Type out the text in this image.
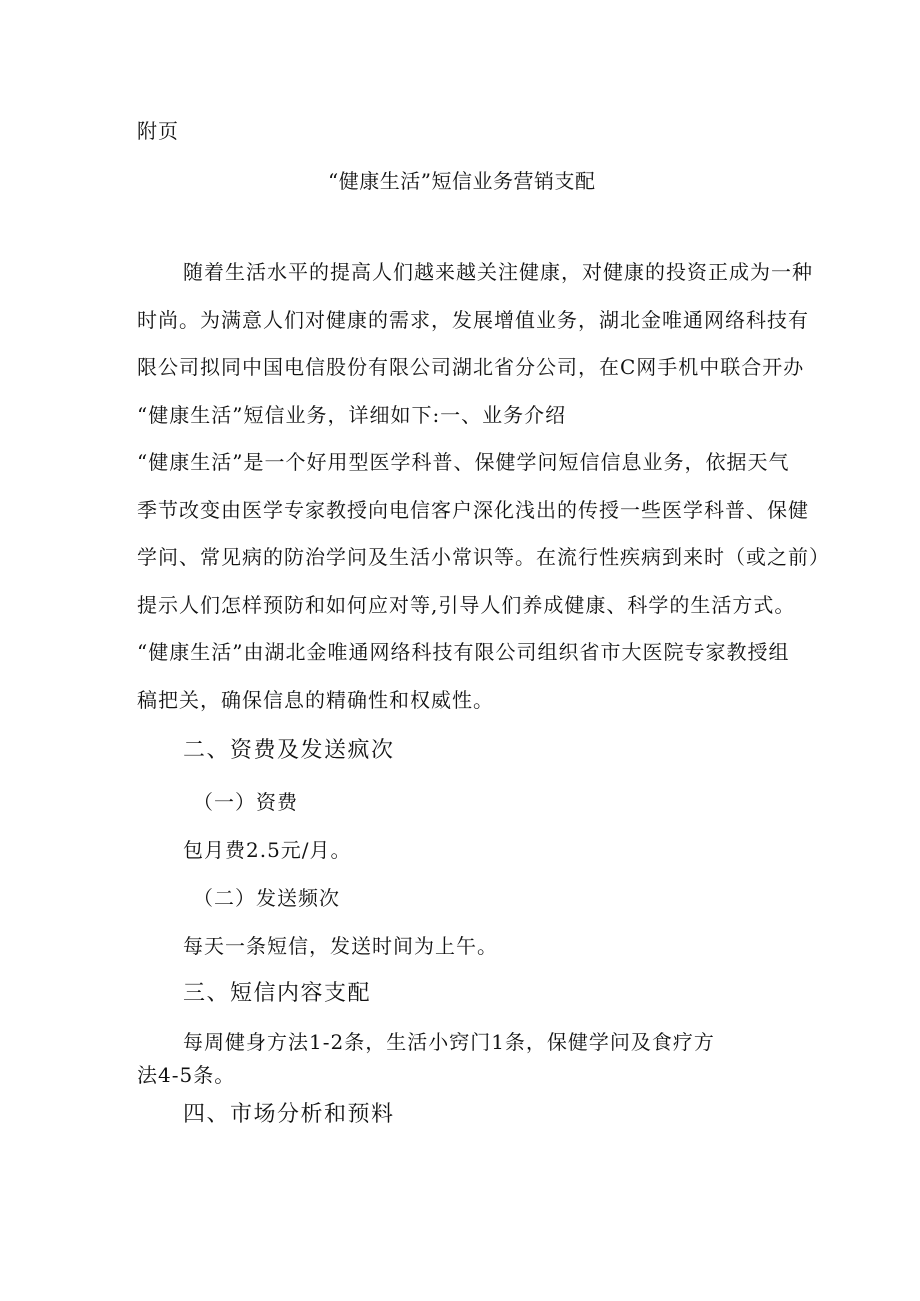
附页

“健康生活”短信业务营销支配

随着生活水平的提高人们越来越关注健康，对健康的投资正成为一种

时尚。为满意人们对健康的需求，发展增值业务，湖北金唯通网络科技有

限公司拟同中国电信股份有限公司湖北省分公司，在C网手机中联合开办

“健康生活”短信业务，详细如下:一、业务介绍

“健康生活”是一个好用型医学科普、保健学问短信信息业务，依据天气

季节改变由医学专家教授向电信客户深化浅出的传授一些医学科普、保健

学问、常见病的防治学问及生活小常识等。在流行性疾病到来时（或之前）

提示人们怎样预防和如何应对等,引导人们养成健康、科学的生活方式。

“健康生活”由湖北金唯通网络科技有限公司组织省市大医院专家教授组

稿把关，确保信息的精确性和权威性。

二、资费及发送疯次

（一）资费

包月费2.5元/月。

（二）发送频次

每天一条短信，发送时间为上午。

三、短信内容支配

每周健身方法1-2条，生活小窍门1条，保健学问及食疗方

法4-5条。

四、市场分析和预料
